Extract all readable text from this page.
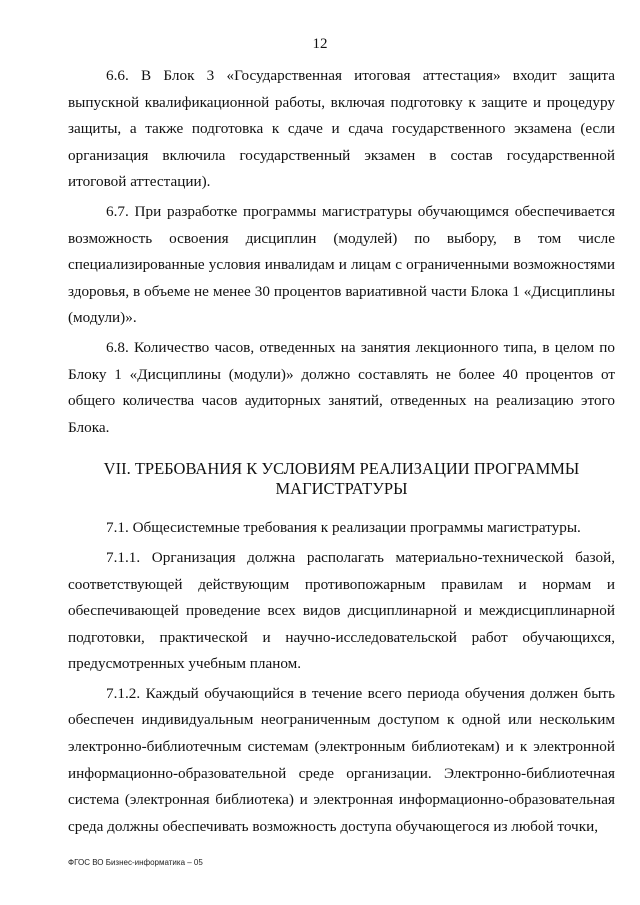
12

6.6. В Блок 3 «Государственная итоговая аттестация» входит защита выпускной квалификационной работы, включая подготовку к защите и процедуру защиты, а также подготовка к сдаче и сдача государственного экзамена (если организация включила государственный экзамен в состав государственной итоговой аттестации).

6.7. При разработке программы магистратуры обучающимся обеспечивается возможность освоения дисциплин (модулей) по выбору, в том числе специализированные условия инвалидам и лицам с ограниченными возможностями здоровья, в объеме не менее 30 процентов вариативной части Блока 1 «Дисциплины (модули)».

6.8. Количество часов, отведенных на занятия лекционного типа, в целом по Блоку 1 «Дисциплины (модули)» должно составлять не более 40 процентов от общего количества часов аудиторных занятий, отведенных на реализацию этого Блока.

VII. ТРЕБОВАНИЯ К УСЛОВИЯМ РЕАЛИЗАЦИИ ПРОГРАММЫ
МАГИСТРАТУРЫ

7.1. Общесистемные требования к реализации программы магистратуры.

7.1.1. Организация должна располагать материально-технической базой, соответствующей действующим противопожарным правилам и нормам и обеспечивающей проведение всех видов дисциплинарной и междисциплинарной подготовки, практической и научно-исследовательской работ обучающихся, предусмотренных учебным планом.

7.1.2. Каждый обучающийся в течение всего периода обучения должен быть обеспечен индивидуальным неограниченным доступом к одной или нескольким электронно-библиотечным системам (электронным библиотекам) и к электронной информационно-образовательной среде организации. Электронно-библиотечная система (электронная библиотека) и электронная информационно-образовательная среда должны обеспечивать возможность доступа обучающегося из любой точки,

ФГОС ВО Бизнес-информатика – 05
